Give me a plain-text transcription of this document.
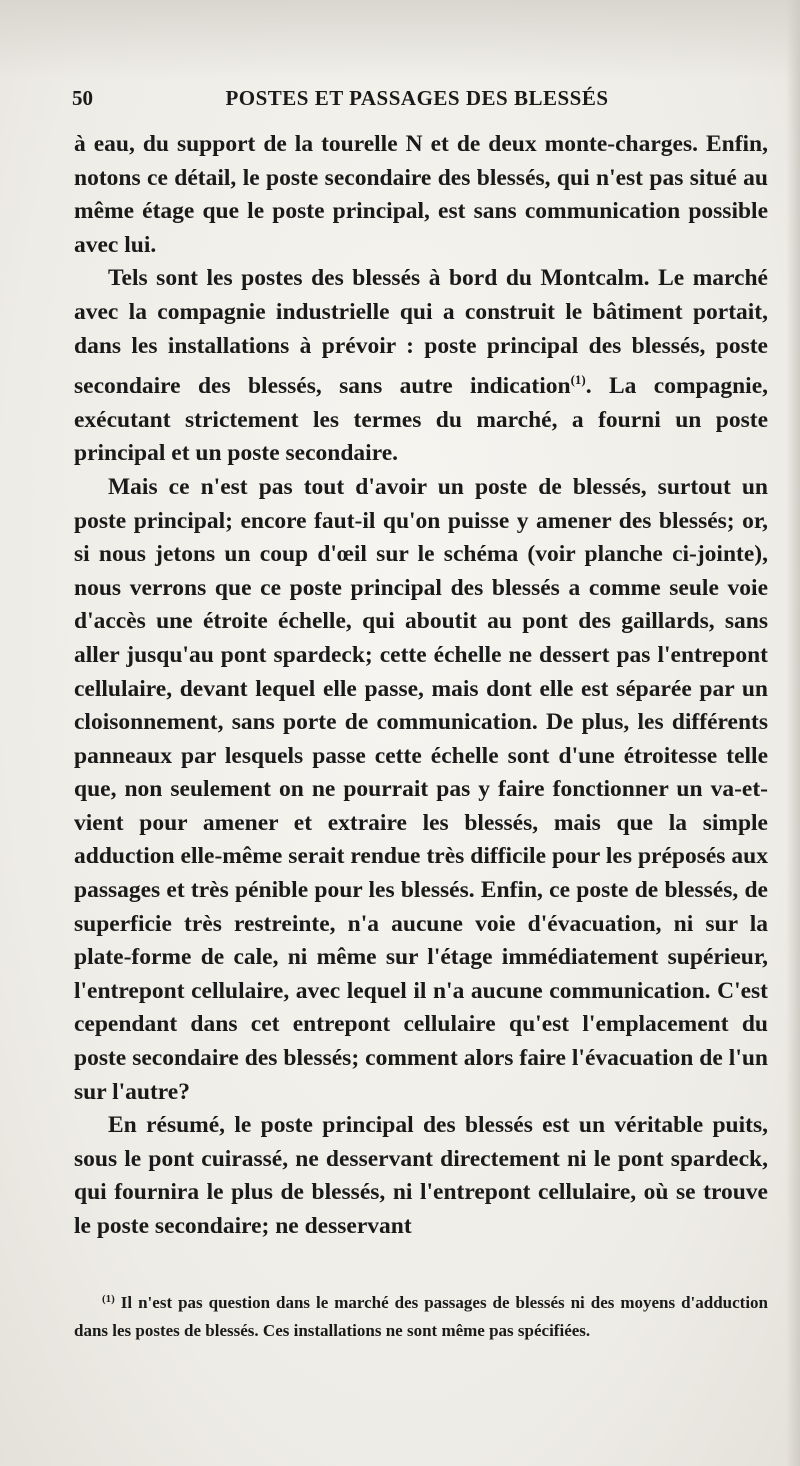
50	POSTES ET PASSAGES DES BLESSÉS

à eau, du support de la tourelle N et de deux monte-charges. Enfin, notons ce détail, le poste secondaire des blessés, qui n'est pas situé au même étage que le poste principal, est sans communication possible avec lui.

Tels sont les postes des blessés à bord du Montcalm. Le marché avec la compagnie industrielle qui a construit le bâtiment portait, dans les installations à prévoir : poste principal des blessés, poste secondaire des blessés, sans autre indication$^{(1)}$. La compagnie, exécutant strictement les termes du marché, a fourni un poste principal et un poste secondaire.

Mais ce n'est pas tout d'avoir un poste de blessés, surtout un poste principal; encore faut-il qu'on puisse y amener des blessés; or, si nous jetons un coup d'œil sur le schéma (voir planche ci-jointe), nous verrons que ce poste principal des blessés a comme seule voie d'accès une étroite échelle, qui aboutit au pont des gaillards, sans aller jusqu'au pont spardeck; cette échelle ne dessert pas l'entrepont cellulaire, devant lequel elle passe, mais dont elle est séparée par un cloisonnement, sans porte de communication. De plus, les différents panneaux par lesquels passe cette échelle sont d'une étroitesse telle que, non seulement on ne pourrait pas y faire fonctionner un va-et-vient pour amener et extraire les blessés, mais que la simple adduction elle-même serait rendue très difficile pour les préposés aux passages et très pénible pour les blessés. Enfin, ce poste de blessés, de superficie très restreinte, n'a aucune voie d'évacuation, ni sur la plate-forme de cale, ni même sur l'étage immédiatement supérieur, l'entrepont cellulaire, avec lequel il n'a aucune communication. C'est cependant dans cet entrepont cellulaire qu'est l'emplacement du poste secondaire des blessés; comment alors faire l'évacuation de l'un sur l'autre?

En résumé, le poste principal des blessés est un véritable puits, sous le pont cuirassé, ne desservant directement ni le pont spardeck, qui fournira le plus de blessés, ni l'entrepont cellulaire, où se trouve le poste secondaire; ne desservant

$^{(1)}$ Il n'est pas question dans le marché des passages de blessés ni des moyens d'adduction dans les postes de blessés. Ces installations ne sont même pas spécifiées.
